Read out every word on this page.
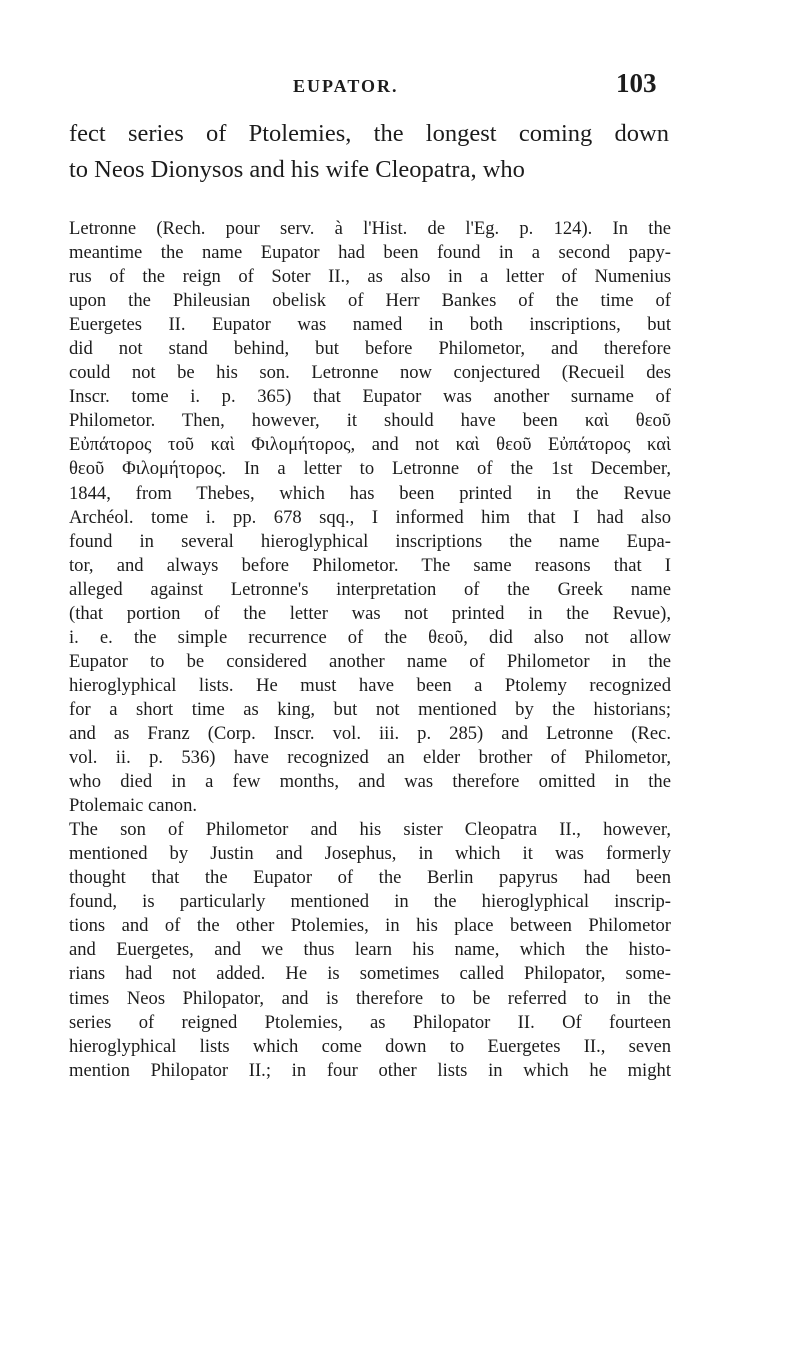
EUPATOR.	103
fect series of Ptolemies, the longest coming down
to Neos Dionysos and his wife Cleopatra, who
Letronne (Rech. pour serv. à l'Hist. de l'Eg. p. 124). In the
meantime the name Eupator had been found in a second papy-
rus of the reign of Soter II., as also in a letter of Numenius
upon the Phileusian obelisk of Herr Bankes of the time of
Euergetes II. Eupator was named in both inscriptions, but
did not stand behind, but before Philometor, and therefore
could not be his son. Letronne now conjectured (Recueil des
Inscr. tome i. p. 365) that Eupator was another surname of
Philometor. Then, however, it should have been καὶ θεοῦ
Εὐπάτορος τοῦ καὶ Φιλομήτορος, and not καὶ θεοῦ Εὐπάτορος καὶ
θεοῦ Φιλομήτορος. In a letter to Letronne of the 1st December,
1844, from Thebes, which has been printed in the Revue
Archéol. tome i. pp. 678 sqq., I informed him that I had also
found in several hieroglyphical inscriptions the name Eupa-
tor, and always before Philometor. The same reasons that I
alleged against Letronne's interpretation of the Greek name
(that portion of the letter was not printed in the Revue),
i. e. the simple recurrence of the θεοῦ, did also not allow
Eupator to be considered another name of Philometor in the
hieroglyphical lists. He must have been a Ptolemy recognized
for a short time as king, but not mentioned by the historians;
and as Franz (Corp. Inscr. vol. iii. p. 285) and Letronne (Rec.
vol. ii. p. 536) have recognized an elder brother of Philometor,
who died in a few months, and was therefore omitted in the
Ptolemaic canon.
The son of Philometor and his sister Cleopatra II., however,
mentioned by Justin and Josephus, in which it was formerly
thought that the Eupator of the Berlin papyrus had been
found, is particularly mentioned in the hieroglyphical inscrip-
tions and of the other Ptolemies, in his place between Philometor
and Euergetes, and we thus learn his name, which the histo-
rians had not added. He is sometimes called Philopator, some-
times Neos Philopator, and is therefore to be referred to in the
series of reigned Ptolemies, as Philopator II. Of fourteen
hieroglyphical lists which come down to Euergetes II., seven
mention Philopator II.; in four other lists in which he might
